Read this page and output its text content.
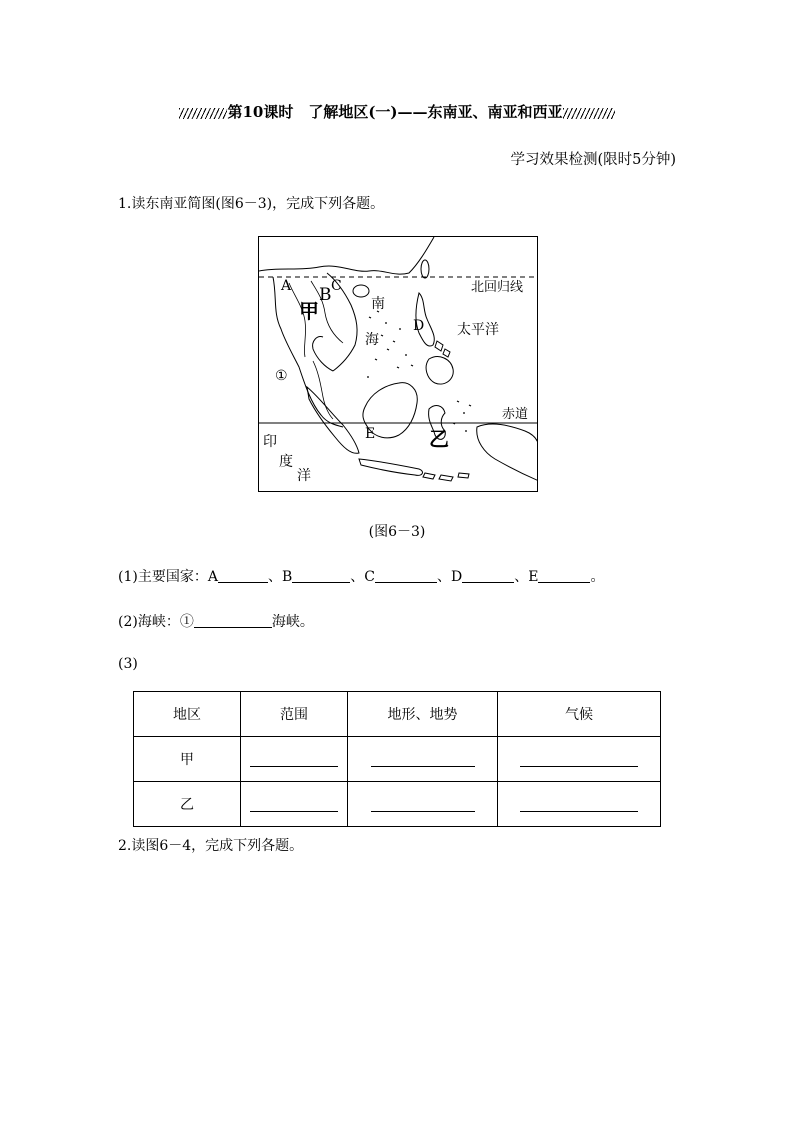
第10课时　了解地区(一)——东南亚、南亚和西亚
学习效果检测(限时5分钟)
1.读东南亚简图(图6－3)，完成下列各题。
A B C
甲	南
海
D 太平洋
北回归线
赤道
①
E	乙
印
度
洋
(图6－3)
(1)主要国家：A	、B	、C	、D	、E	。
(2)海峡：①	海峡。
(3)
地区	范围	地形、地势	气候
甲			
乙			
2.读图6－4，完成下列各题。
